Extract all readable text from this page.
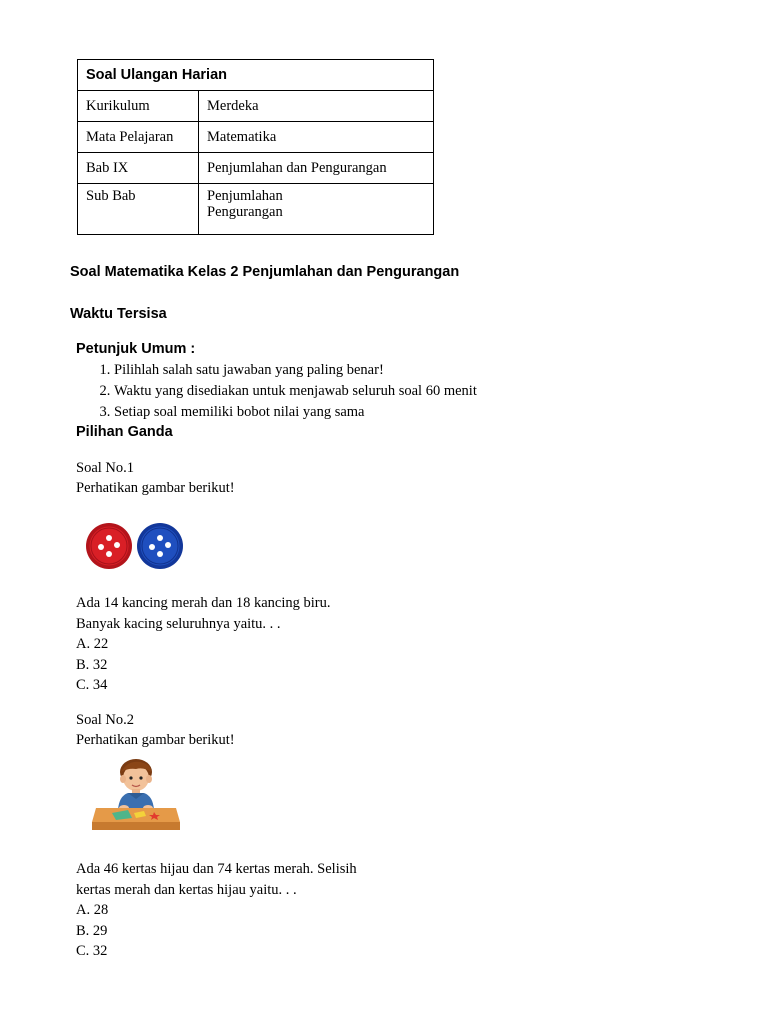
Soal Ulangan Harian	
Kurikulum	Merdeka
Mata Pelajaran	Matematika
Bab IX	Penjumlahan dan Pengurangan
Sub Bab	Penjumlahan
Pengurangan
Soal Matematika Kelas 2 Penjumlahan dan Pengurangan
Waktu Tersisa
Petunjuk Umum :
1. Pilihlah salah satu jawaban yang paling benar!
2. Waktu yang disediakan untuk menjawab seluruh soal 60 menit
3. Setiap soal memiliki bobot nilai yang sama
Pilihan Ganda
Soal No.1
Perhatikan gambar berikut!
Ada 14 kancing merah dan 18 kancing biru.
Banyak kacing seluruhnya yaitu. . .
A. 22
B. 32
C. 34
Soal No.2
Perhatikan gambar berikut!
Ada 46 kertas hijau dan 74 kertas merah. Selisih
kertas merah dan kertas hijau yaitu. . .
A. 28
B. 29
C. 32
